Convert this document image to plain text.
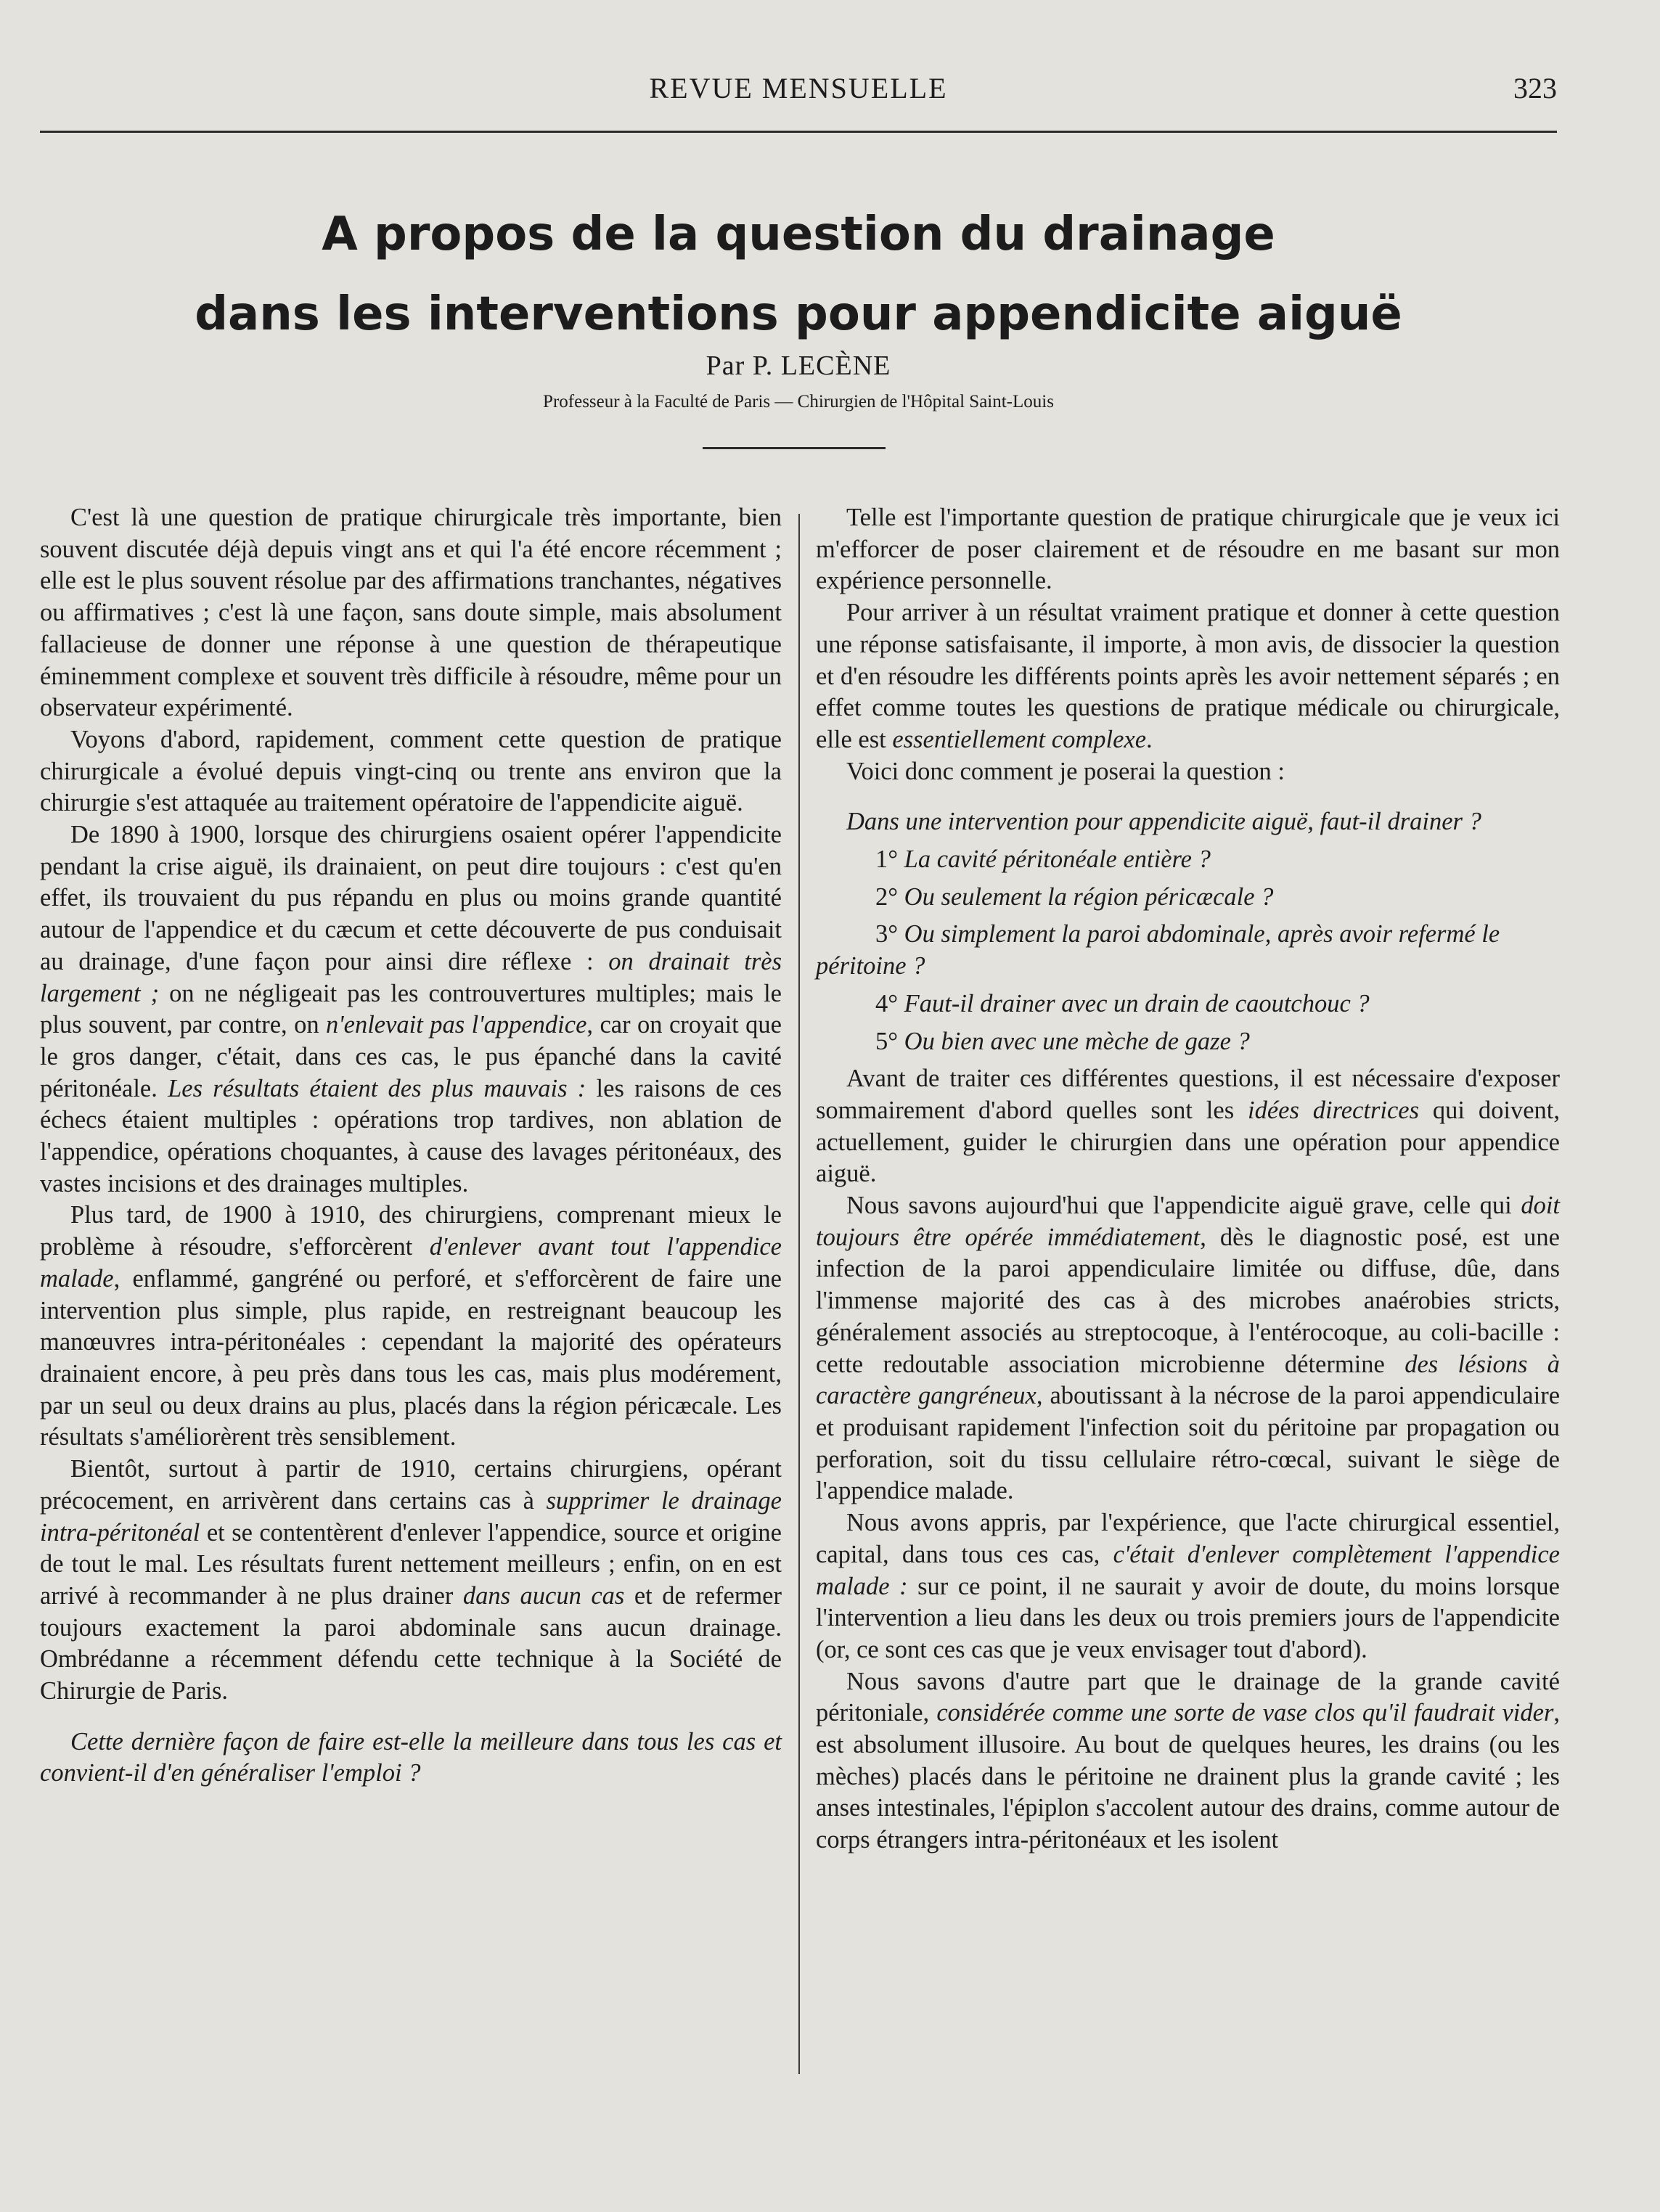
REVUE MENSUELLE	323
A propos de la question du drainage
dans les interventions pour appendicite aiguë
Par P. LECÈNE
Professeur à la Faculté de Paris — Chirurgien de l'Hôpital Saint-Louis

C'est là une question de pratique chirurgicale très importante, bien souvent discutée déjà depuis vingt ans et qui l'a été encore récemment ; elle est le plus souvent résolue par des affirmations tranchantes, négatives ou affirmatives ; c'est là une façon, sans doute simple, mais absolument fallacieuse de donner une réponse à une question de thérapeutique éminemment complexe et souvent très difficile à résoudre, même pour un observateur expérimenté.

Voyons d'abord, rapidement, comment cette question de pratique chirurgicale a évolué depuis vingt-cinq ou trente ans environ que la chirurgie s'est attaquée au traitement opératoire de l'appendicite aiguë.

De 1890 à 1900, lorsque des chirurgiens osaient opérer l'appendicite pendant la crise aiguë, ils drainaient, on peut dire toujours : c'est qu'en effet, ils trouvaient du pus répandu en plus ou moins grande quantité autour de l'appendice et du cæcum et cette découverte de pus conduisait au drainage, d'une façon pour ainsi dire réflexe : on drainait très largement ; on ne négligeait pas les controuvertures multiples; mais le plus souvent, par contre, on n'enlevait pas l'appendice, car on croyait que le gros danger, c'était, dans ces cas, le pus épanché dans la cavité péritonéale. Les résultats étaient des plus mauvais : les raisons de ces échecs étaient multiples : opérations trop tardives, non ablation de l'appendice, opérations choquantes, à cause des lavages péritonéaux, des vastes incisions et des drainages multiples.

Plus tard, de 1900 à 1910, des chirurgiens, comprenant mieux le problème à résoudre, s'efforcèrent d'enlever avant tout l'appendice malade, enflammé, gangréné ou perforé, et s'efforcèrent de faire une intervention plus simple, plus rapide, en restreignant beaucoup les manœuvres intra-péritonéales : cependant la majorité des opérateurs drainaient encore, à peu près dans tous les cas, mais plus modérement, par un seul ou deux drains au plus, placés dans la région péricæcale. Les résultats s'améliorèrent très sensiblement.

Bientôt, surtout à partir de 1910, certains chirurgiens, opérant précocement, en arrivèrent dans certains cas à supprimer le drainage intra-péritonéal et se contentèrent d'enlever l'appendice, source et origine de tout le mal. Les résultats furent nettement meilleurs ; enfin, on en est arrivé à recommander à ne plus drainer dans aucun cas et de refermer toujours exactement la paroi abdominale sans aucun drainage. Ombrédanne a récemment défendu cette technique à la Société de Chirurgie de Paris.

Cette dernière façon de faire est-elle la meilleure dans tous les cas et convient-il d'en généraliser l'emploi ?

Telle est l'importante question de pratique chirurgicale que je veux ici m'efforcer de poser clairement et de résoudre en me basant sur mon expérience personnelle.

Pour arriver à un résultat vraiment pratique et donner à cette question une réponse satisfaisante, il importe, à mon avis, de dissocier la question et d'en résoudre les différents points après les avoir nettement séparés ; en effet comme toutes les questions de pratique médicale ou chirurgicale, elle est essentiellement complexe.

Voici donc comment je poserai la question :

Dans une intervention pour appendicite aiguë, faut-il drainer ?

1° La cavité péritonéale entière ?

2° Ou seulement la région péricæcale ?

3° Ou simplement la paroi abdominale, après avoir refermé le péritoine ?

4° Faut-il drainer avec un drain de caoutchouc ?

5° Ou bien avec une mèche de gaze ?

Avant de traiter ces différentes questions, il est nécessaire d'exposer sommairement d'abord quelles sont les idées directrices qui doivent, actuellement, guider le chirurgien dans une opération pour appendice aiguë.

Nous savons aujourd'hui que l'appendicite aiguë grave, celle qui doit toujours être opérée immédiatement, dès le diagnostic posé, est une infection de la paroi appendiculaire limitée ou diffuse, dûe, dans l'immense majorité des cas à des microbes anaérobies stricts, généralement associés au streptocoque, à l'entérocoque, au coli-bacille : cette redoutable association microbienne détermine des lésions à caractère gangréneux, aboutissant à la nécrose de la paroi appendiculaire et produisant rapidement l'infection soit du péritoine par propagation ou perforation, soit du tissu cellulaire rétro-cœcal, suivant le siège de l'appendice malade.

Nous avons appris, par l'expérience, que l'acte chirurgical essentiel, capital, dans tous ces cas, c'était d'enlever complètement l'appendice malade : sur ce point, il ne saurait y avoir de doute, du moins lorsque l'intervention a lieu dans les deux ou trois premiers jours de l'appendicite (or, ce sont ces cas que je veux envisager tout d'abord).

Nous savons d'autre part que le drainage de la grande cavité péritoniale, considérée comme une sorte de vase clos qu'il faudrait vider, est absolument illusoire. Au bout de quelques heures, les drains (ou les mèches) placés dans le péritoine ne drainent plus la grande cavité ; les anses intestinales, l'épiplon s'accolent autour des drains, comme autour de corps étrangers intra-péritonéaux et les isolent
